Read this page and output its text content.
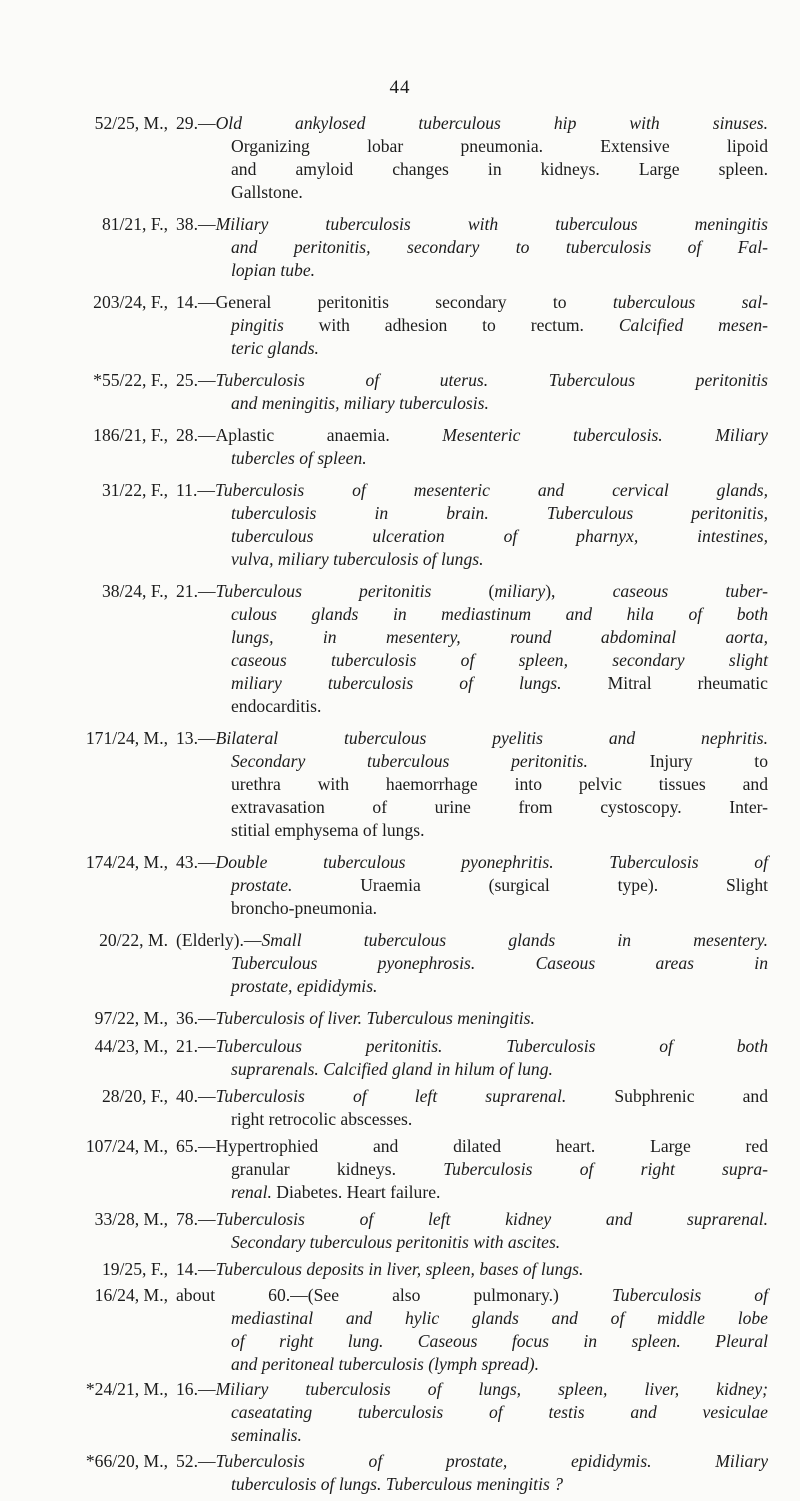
44
52/25, M., 29.—Old ankylosed tuberculous hip with sinuses.
Organizing lobar pneumonia. Extensive lipoid
and amyloid changes in kidneys. Large spleen.
Gallstone.
81/21, F., 38.—Miliary tuberculosis with tuberculous meningitis
and peritonitis, secondary to tuberculosis of Fal-
lopian tube.
203/24, F., 14.—General peritonitis secondary to tuberculous sal-
pingitis with adhesion to rectum. Calcified mesen-
teric glands.
*55/22, F., 25.—Tuberculosis of uterus. Tuberculous peritonitis
and meningitis, miliary tuberculosis.
186/21, F., 28.—Aplastic anaemia. Mesenteric tuberculosis. Miliary
tubercles of spleen.
31/22, F., 11.—Tuberculosis of mesenteric and cervical glands,
tuberculosis in brain. Tuberculous peritonitis,
tuberculous ulceration of pharnyx, intestines,
vulva, miliary tuberculosis of lungs.
38/24, F., 21.—Tuberculous peritonitis (miliary), caseous tuber-
culous glands in mediastinum and hila of both
lungs, in mesentery, round abdominal aorta,
caseous tuberculosis of spleen, secondary slight
miliary tuberculosis of lungs. Mitral rheumatic
endocarditis.
171/24, M., 13.—Bilateral tuberculous pyelitis and nephritis.
Secondary tuberculous peritonitis. Injury to
urethra with haemorrhage into pelvic tissues and
extravasation of urine from cystoscopy. Inter-
stitial emphysema of lungs.
174/24, M., 43.—Double tuberculous pyonephritis. Tuberculosis of
prostate. Uraemia (surgical type). Slight
broncho-pneumonia.
20/22, M. (Elderly).—Small tuberculous glands in mesentery.
Tuberculous pyonephrosis. Caseous areas in
prostate, epididymis.
97/22, M., 36.—Tuberculosis of liver. Tuberculous meningitis.
44/23, M., 21.—Tuberculous peritonitis. Tuberculosis of both
suprarenals. Calcified gland in hilum of lung.
28/20, F., 40.—Tuberculosis of left suprarenal. Subphrenic and
right retrocolic abscesses.
107/24, M., 65.—Hypertrophied and dilated heart. Large red
granular kidneys. Tuberculosis of right supra-
renal. Diabetes. Heart failure.
33/28, M., 78.—Tuberculosis of left kidney and suprarenal.
Secondary tuberculous peritonitis with ascites.
19/25, F., 14.—Tuberculous deposits in liver, spleen, bases of lungs.
16/24, M., about 60.—(See also pulmonary.) Tuberculosis of
mediastinal and hylic glands and of middle lobe
of right lung. Caseous focus in spleen. Pleural
and peritoneal tuberculosis (lymph spread).
*24/21, M., 16.—Miliary tuberculosis of lungs, spleen, liver, kidney;
caseatating tuberculosis of testis and vesiculae
seminalis.
*66/20, M., 52.—Tuberculosis of prostate, epididymis. Miliary
tuberculosis of lungs. Tuberculous meningitis ?
